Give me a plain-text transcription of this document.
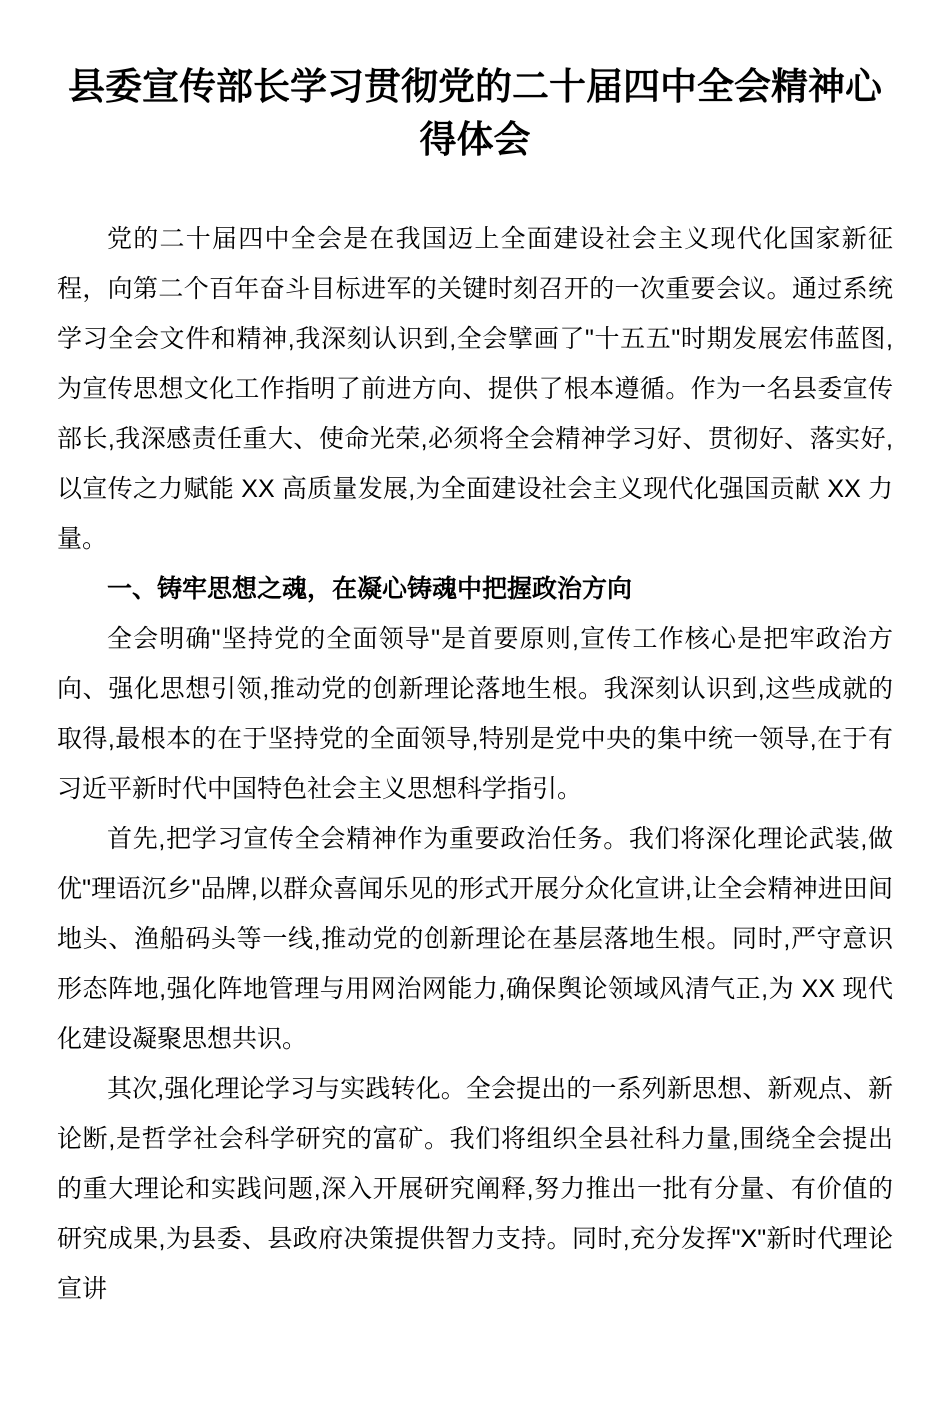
县委宣传部长学习贯彻党的二十届四中全会精神心得体会

党的二十届四中全会是在我国迈上全面建设社会主义现代化国家新征程，向第二个百年奋斗目标进军的关键时刻召开的一次重要会议。通过系统学习全会文件和精神,我深刻认识到,全会擘画了"十五五"时期发展宏伟蓝图,为宣传思想文化工作指明了前进方向、提供了根本遵循。作为一名县委宣传部长,我深感责任重大、使命光荣,必须将全会精神学习好、贯彻好、落实好,以宣传之力赋能 XX 高质量发展,为全面建设社会主义现代化强国贡献 XX 力量。

一、铸牢思想之魂，在凝心铸魂中把握政治方向

全会明确"坚持党的全面领导"是首要原则,宣传工作核心是把牢政治方向、强化思想引领,推动党的创新理论落地生根。我深刻认识到,这些成就的取得,最根本的在于坚持党的全面领导,特别是党中央的集中统一领导,在于有习近平新时代中国特色社会主义思想科学指引。

首先,把学习宣传全会精神作为重要政治任务。我们将深化理论武装,做优"理语沉乡"品牌,以群众喜闻乐见的形式开展分众化宣讲,让全会精神进田间地头、渔船码头等一线,推动党的创新理论在基层落地生根。同时,严守意识形态阵地,强化阵地管理与用网治网能力,确保舆论领域风清气正,为 XX 现代化建设凝聚思想共识。

其次,强化理论学习与实践转化。全会提出的一系列新思想、新观点、新论断,是哲学社会科学研究的富矿。我们将组织全县社科力量,围绕全会提出的重大理论和实践问题,深入开展研究阐释,努力推出一批有分量、有价值的研究成果,为县委、县政府决策提供智力支持。同时,充分发挥"X"新时代理论宣讲
